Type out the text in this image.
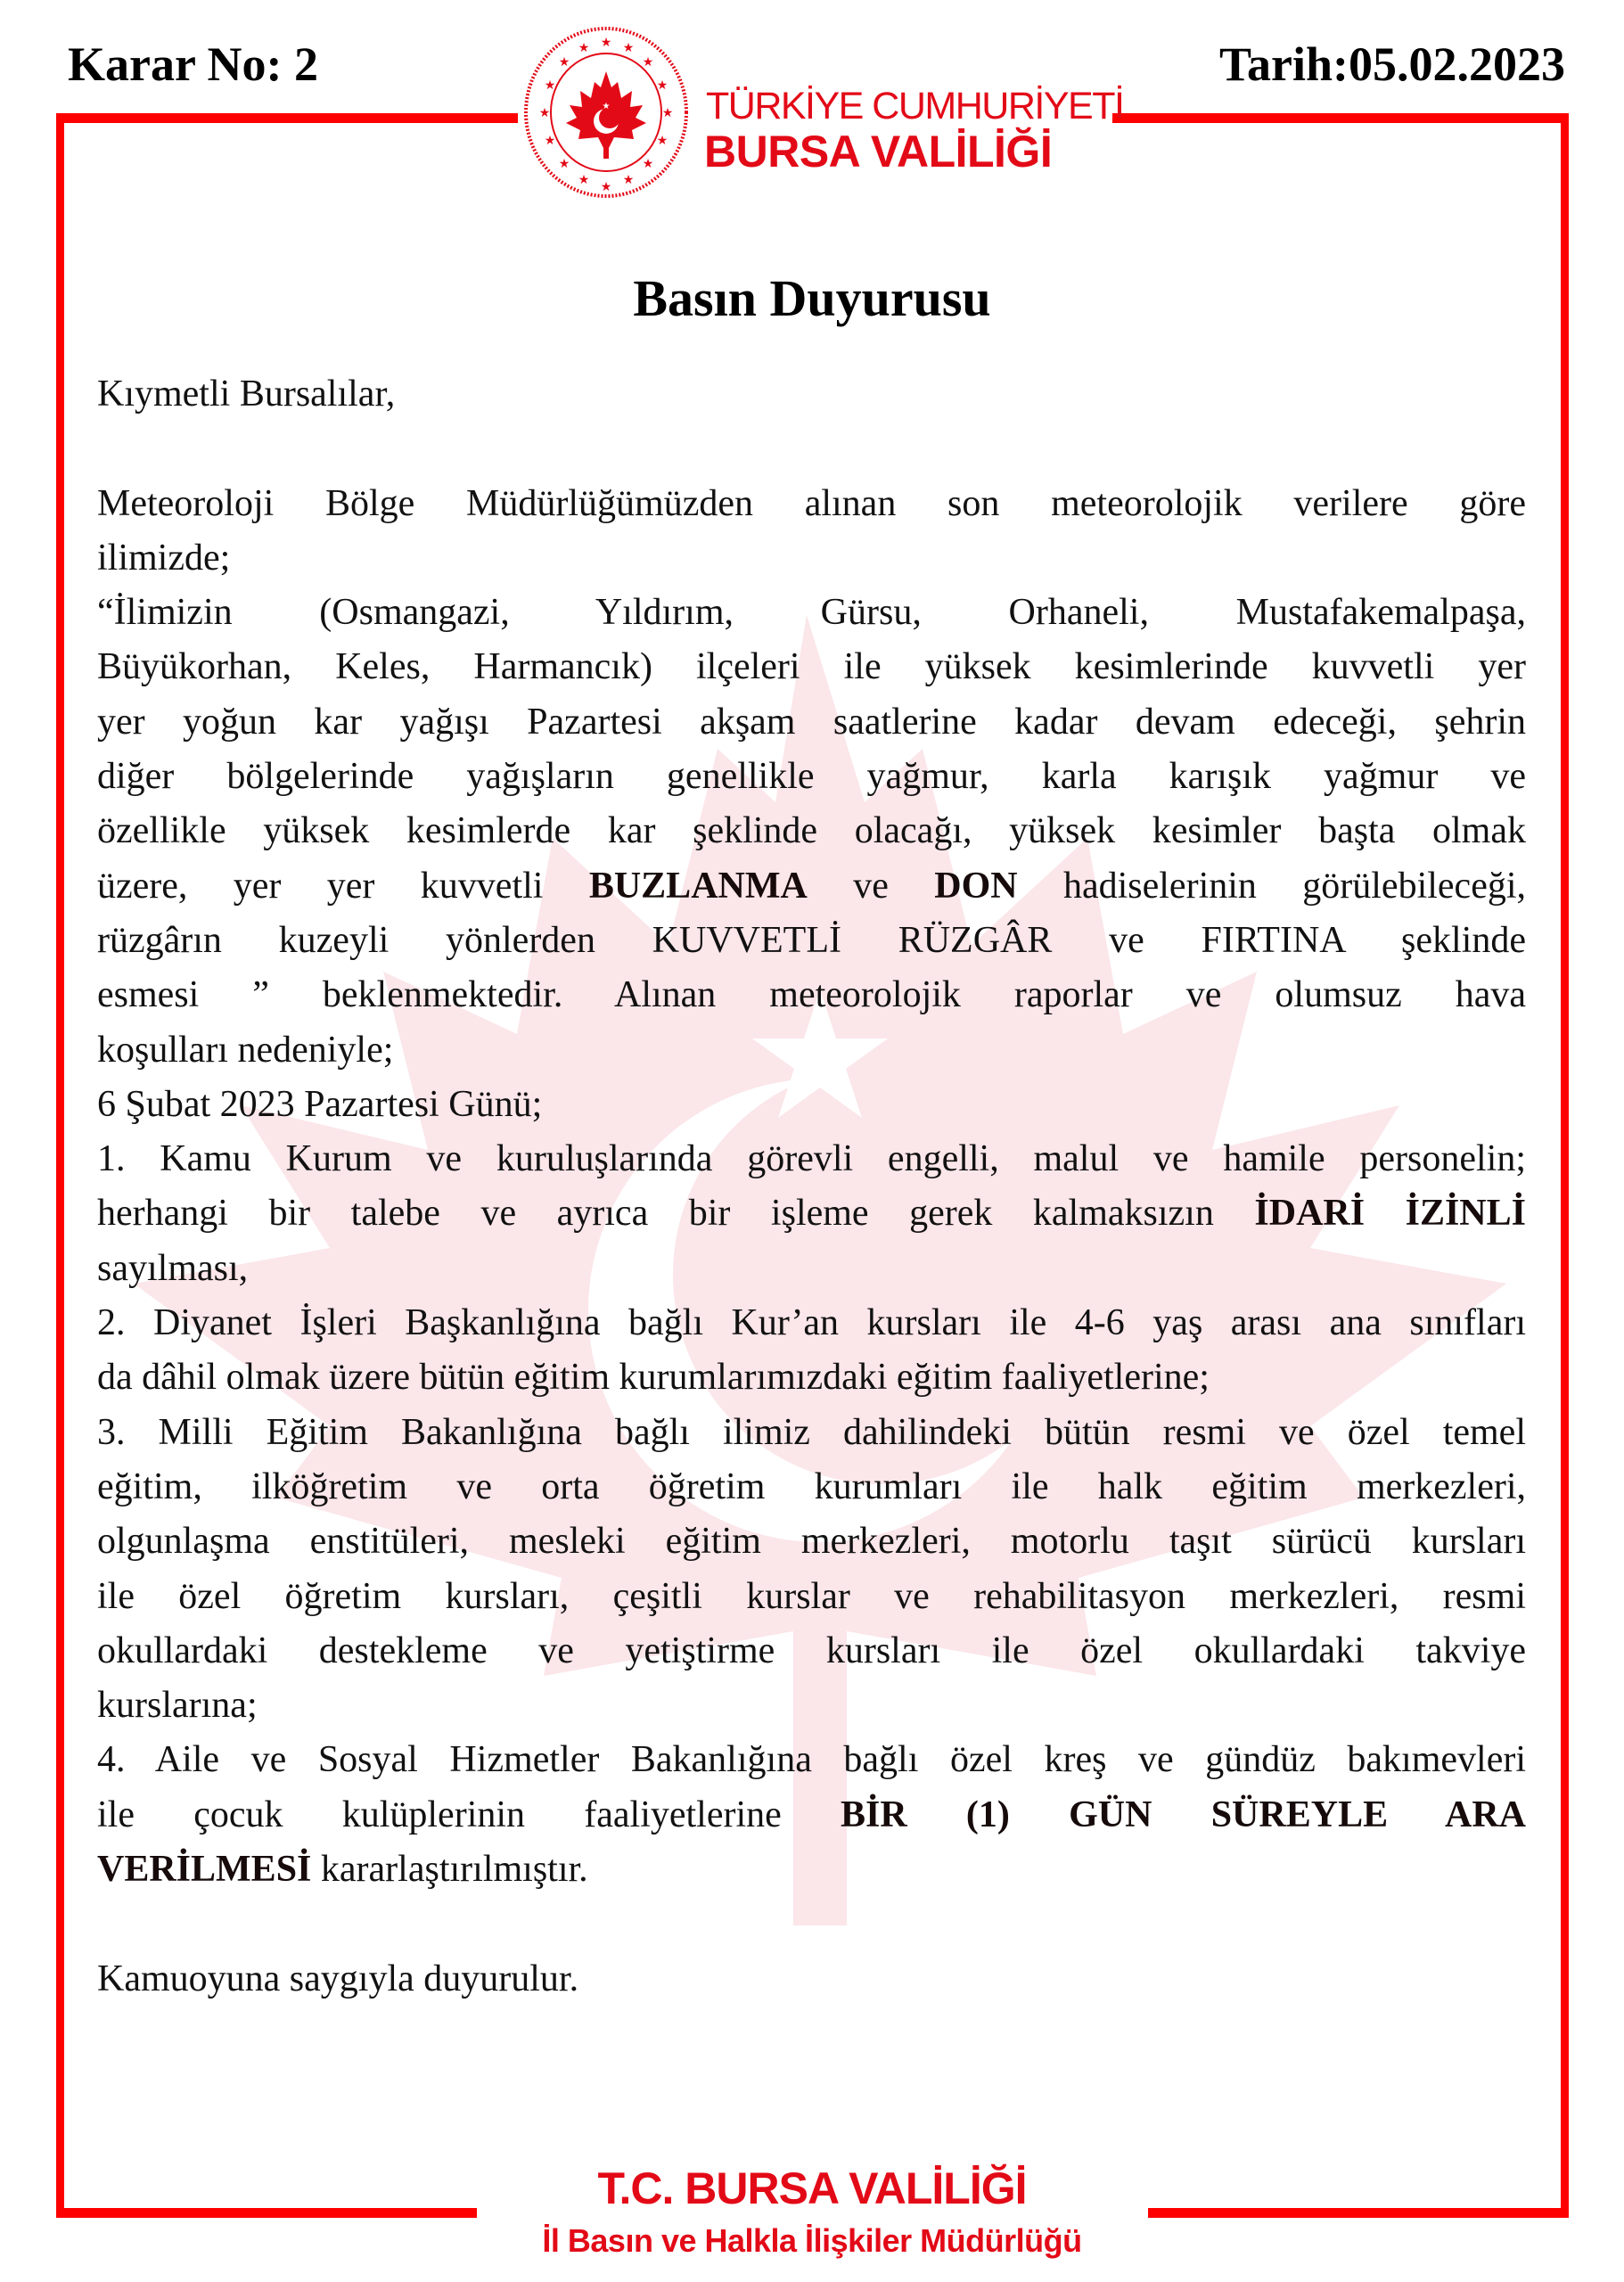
Karar No: 2	Tarih:05.02.2023
★
★	★
★	★
★	★
★	★
★	★
★	★
★	★
★
★	TÜRKİYE CUMHURİYETİ
BURSA VALİLİĞİ
Basın Duyurusu

Kıymetli Bursalılar,

Meteoroloji Bölge Müdürlüğümüzden alınan son meteorolojik verilere göre
ilimizde;
“İlimizin (Osmangazi, Yıldırım, Gürsu, Orhaneli, Mustafakemalpaşa,
Büyükorhan, Keles, Harmancık) ilçeleri ile yüksek kesimlerinde kuvvetli yer
yer yoğun kar yağışı Pazartesi akşam saatlerine kadar devam edeceği, şehrin
diğer bölgelerinde yağışların genellikle yağmur, karla karışık yağmur ve
özellikle yüksek kesimlerde kar şeklinde olacağı, yüksek kesimler başta olmak
üzere, yer yer kuvvetli BUZLANMA ve DON hadiselerinin görülebileceği,
rüzgârın kuzeyli yönlerden KUVVETLİ RÜZGÂR ve FIRTINA şeklinde
esmesi ” beklenmektedir. Alınan meteorolojik raporlar ve olumsuz hava
koşulları nedeniyle;
6 Şubat 2023 Pazartesi Günü;
1. Kamu Kurum ve kuruluşlarında görevli engelli, malul ve hamile personelin;
herhangi bir talebe ve ayrıca bir işleme gerek kalmaksızın İDARİ İZİNLİ
sayılması,
2. Diyanet İşleri Başkanlığına bağlı Kur’an kursları ile 4-6 yaş arası ana sınıfları
da dâhil olmak üzere bütün eğitim kurumlarımızdaki eğitim faaliyetlerine;
3. Milli Eğitim Bakanlığına bağlı ilimiz dahilindeki bütün resmi ve özel temel
eğitim, ilköğretim ve orta öğretim kurumları ile halk eğitim merkezleri,
olgunlaşma enstitüleri, mesleki eğitim merkezleri, motorlu taşıt sürücü kursları
ile özel öğretim kursları, çeşitli kurslar ve rehabilitasyon merkezleri, resmi
okullardaki destekleme ve yetiştirme kursları ile özel okullardaki takviye
kurslarına;
4. Aile ve Sosyal Hizmetler Bakanlığına bağlı özel kreş ve gündüz bakımevleri
ile çocuk kulüplerinin faaliyetlerine BİR (1) GÜN SÜREYLE ARA
VERİLMESİ kararlaştırılmıştır.

Kamuoyuna saygıyla duyurulur.

T.C. BURSA VALİLİĞİ
İl Basın ve Halkla İlişkiler Müdürlüğü
